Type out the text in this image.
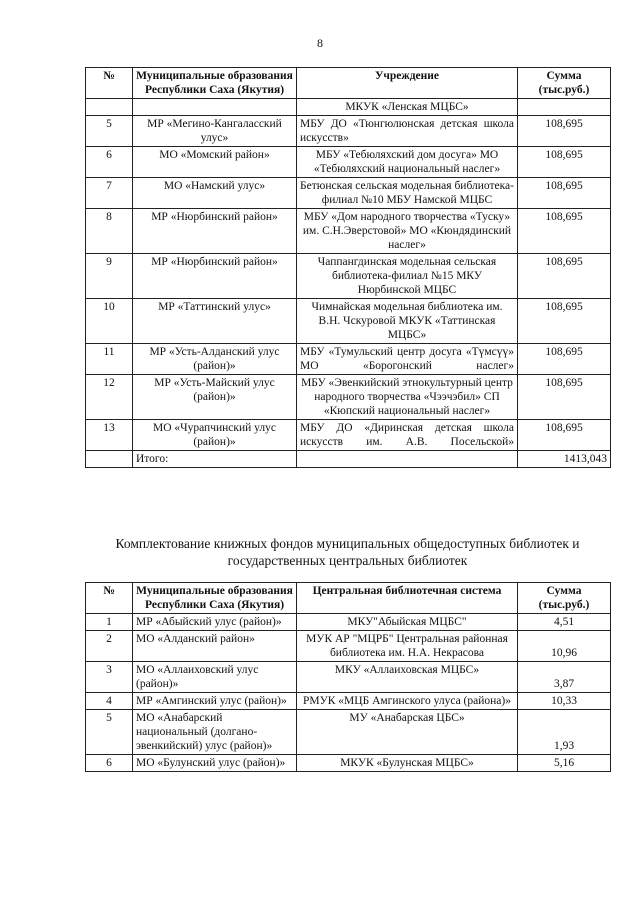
8
№	Муниципальные образования Республики Саха (Якутия)	Учреждение	Сумма (тыс.руб.)
		МКУК «Ленская МЦБС»	
5	МР «Мегино-Кангаласский улус»	МБУ ДО «Тюнгюлюнская детская школа искусств»	108,695
6	МО «Момский район»	МБУ «Тебюляхский дом досуга» МО «Тебюляхский национальный наслег»	108,695
7	МО «Намский улус»	Бетюнская сельская модельная библиотека-филиал №10 МБУ Намской МЦБС	108,695
8	МР «Нюрбинский район»	МБУ «Дом народного творчества «Туску» им. С.Н.Эверстовой» МО «Кюндядинский наслег»	108,695
9	МР «Нюрбинский район»	Чаппангдинская модельная сельская библиотека-филиал №15 МКУ Нюрбинской МЦБС	108,695
10	МР «Таттинский улус»	Чимнайская модельная библиотека им. В.Н. Чскуровой МКУК «Таттинская МЦБС»	108,695
11	МР «Усть-Алданский улус (район)»	МБУ «Тумульский центр досуга «Түмсүү» МО «Борогонский наслег»	108,695
12	МР «Усть-Майский улус (район)»	МБУ «Эвенкийский этнокультурный центр народного творчества «Чээчэбил» СП «Кюпский национальный наслег»	108,695
13	МО «Чурапчинский улус (район)»	МБУ ДО «Диринская детская школа искусств им. А.В. Посельской»	108,695
	Итого:		1413,043
Комплектование книжных фондов муниципальных общедоступных библиотек и государственных центральных библиотек
№	Муниципальные образования Республики Саха (Якутия)	Центральная библиотечная система	Сумма (тыс.руб.)
1	МР «Абыйский улус (район)»	МКУ"Абыйская МЦБС"	4,51
2	МО «Алданский район»	МУК АР "МЦРБ" Центральная районная библиотека им. Н.А. Некрасова	10,96
3	МО «Аллаиховский улус (район)»	МКУ «Аллаиховская МЦБС»	3,87
4	МР «Амгинский улус (район)»	РМУК «МЦБ Амгинского улуса (района)»	10,33
5	МО «Анабарский национальный (долгано-эвенкийский) улус (район)»	МУ «Анабарская ЦБС»	1,93
6	МО «Булунский улус (район)»	МКУК «Булунская МЦБС»	5,16
